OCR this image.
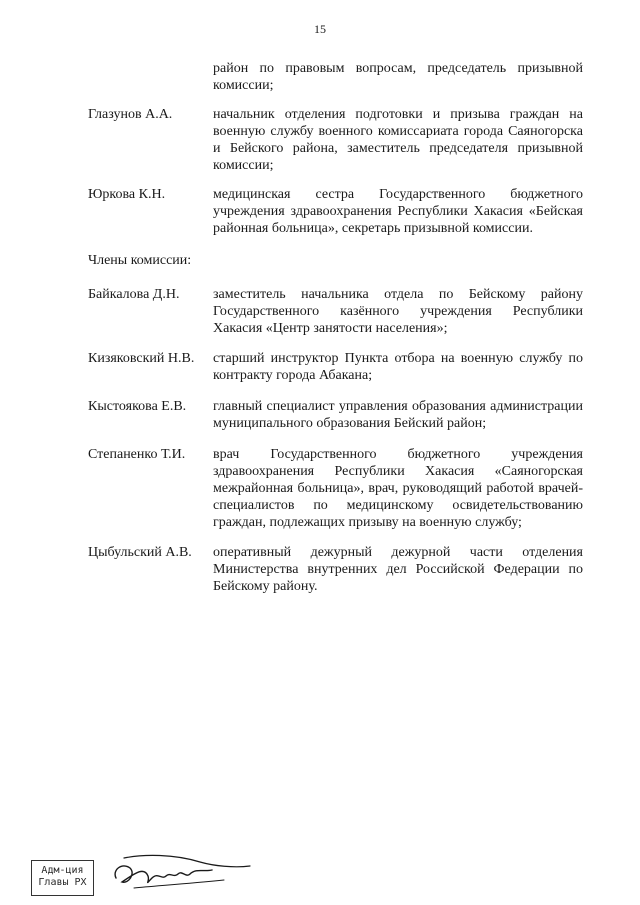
15
район по правовым вопросам, председатель призывной комиссии;
Глазунов А.А.	начальник отделения подготовки и призыва граждан на военную службу военного комиссариата города Саяногорска и Бейского района, заместитель председателя призывной комиссии;
Юркова К.Н.	медицинская сестра Государственного бюджетного учреждения здравоохранения Республики Хакасия «Бейская районная больница», секретарь призывной комиссии.
Члены комиссии:
Байкалова Д.Н. заместитель начальника отдела по Бейскому району Государственного казённого учреждения Республики Хакасия «Центр занятости населения»;
Кизяковский Н.В. старший инструктор Пункта отбора на военную службу по контракту города Абакана;
Кыстоякова Е.В. главный специалист управления образования администрации муниципального образования Бейский район;
Степаненко Т.И. врач Государственного бюджетного учреждения здравоохранения Республики Хакасия «Саяногорская межрайонная больница», врач, руководящий работой врачей-специалистов по медицинскому освидетельствованию граждан, подлежащих призыву на военную службу;
Цыбульский А.В. оперативный дежурный дежурной части отделения Министерства внутренних дел Российской Федерации по Бейскому району.
Адм-ция
Главы РХ
